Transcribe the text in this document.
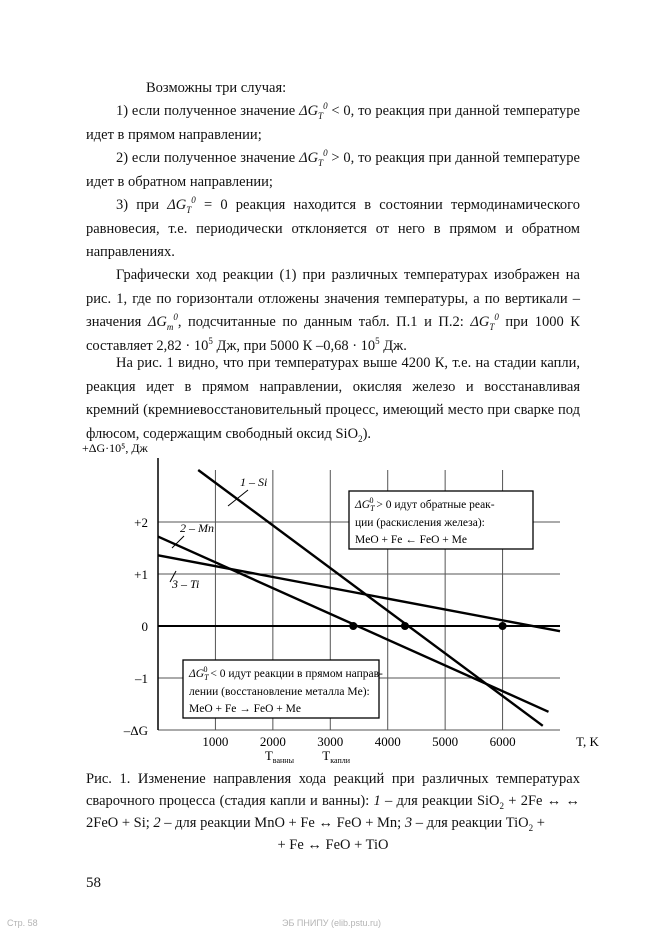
Возможны три случая:

1) если полученное значение $\Delta G_T^0 < 0$, то реакция при данной температуре идет в прямом направлении;

2) если полученное значение $\Delta G_T^0 > 0$, то реакция при данной температуре идет в обратном направлении;

3) при $\Delta G_T^0 = 0$ реакция находится в состоянии термодинамического равновесия, т.е. периодически отклоняется от него в прямом и обратном направлениях.

Графически ход реакции (1) при различных температурах изображен на рис. 1, где по горизонтали отложены значения температуры, а по вертикали – значения $\Delta G_т^0$, подсчитанные по данным табл. П.1 и П.2: $\Delta G_T^0$ при 1000 К составляет $2,82 \cdot 10^5$ Дж, при 5000 К $-0,68 \cdot 10^5$ Дж.

На рис. 1 видно, что при температурах выше 4200 К, т.е. на стадии капли, реакция идет в прямом направлении, окисляя железо и восстанавливая кремний (кремниевосстановительный процесс, имеющий место при сварке под флюсом, содержащим свободный оксид SiO$_2$).

+2
+1
0
–1
–ΔG
1000 2000 3000 4000 5000 6000
+ΔG·10⁵, Дж
T, K
$T_{ванны}$ $T_{капли}$
1 – Si
2 – Mn
3 – Ti
$\Delta G_T0 > 0$ идут обратные реак-
ции (раскисления железа):
MeO + Fe ← FeO + Me
$\Delta G_T0 < 0$ идут реакции в прямом направ-
лении (восстановление металла Me):
MeO + Fe → FeO + Me
Рис. 1. Изменение направления хода реакций при различных температурах сварочного процесса (стадия капли и ванны): 1 – для реакции SiO$_2$ + 2Fe ↔ ↔ 2FeO + Si; 2 – для реакции MnO + Fe ↔ FeO + Mn; 3 – для реакции TiO$_2$ +
+ Fe ↔ FeO + TiO
58
Стр. 58	ЭБ ПНИПУ (elib.pstu.ru)
